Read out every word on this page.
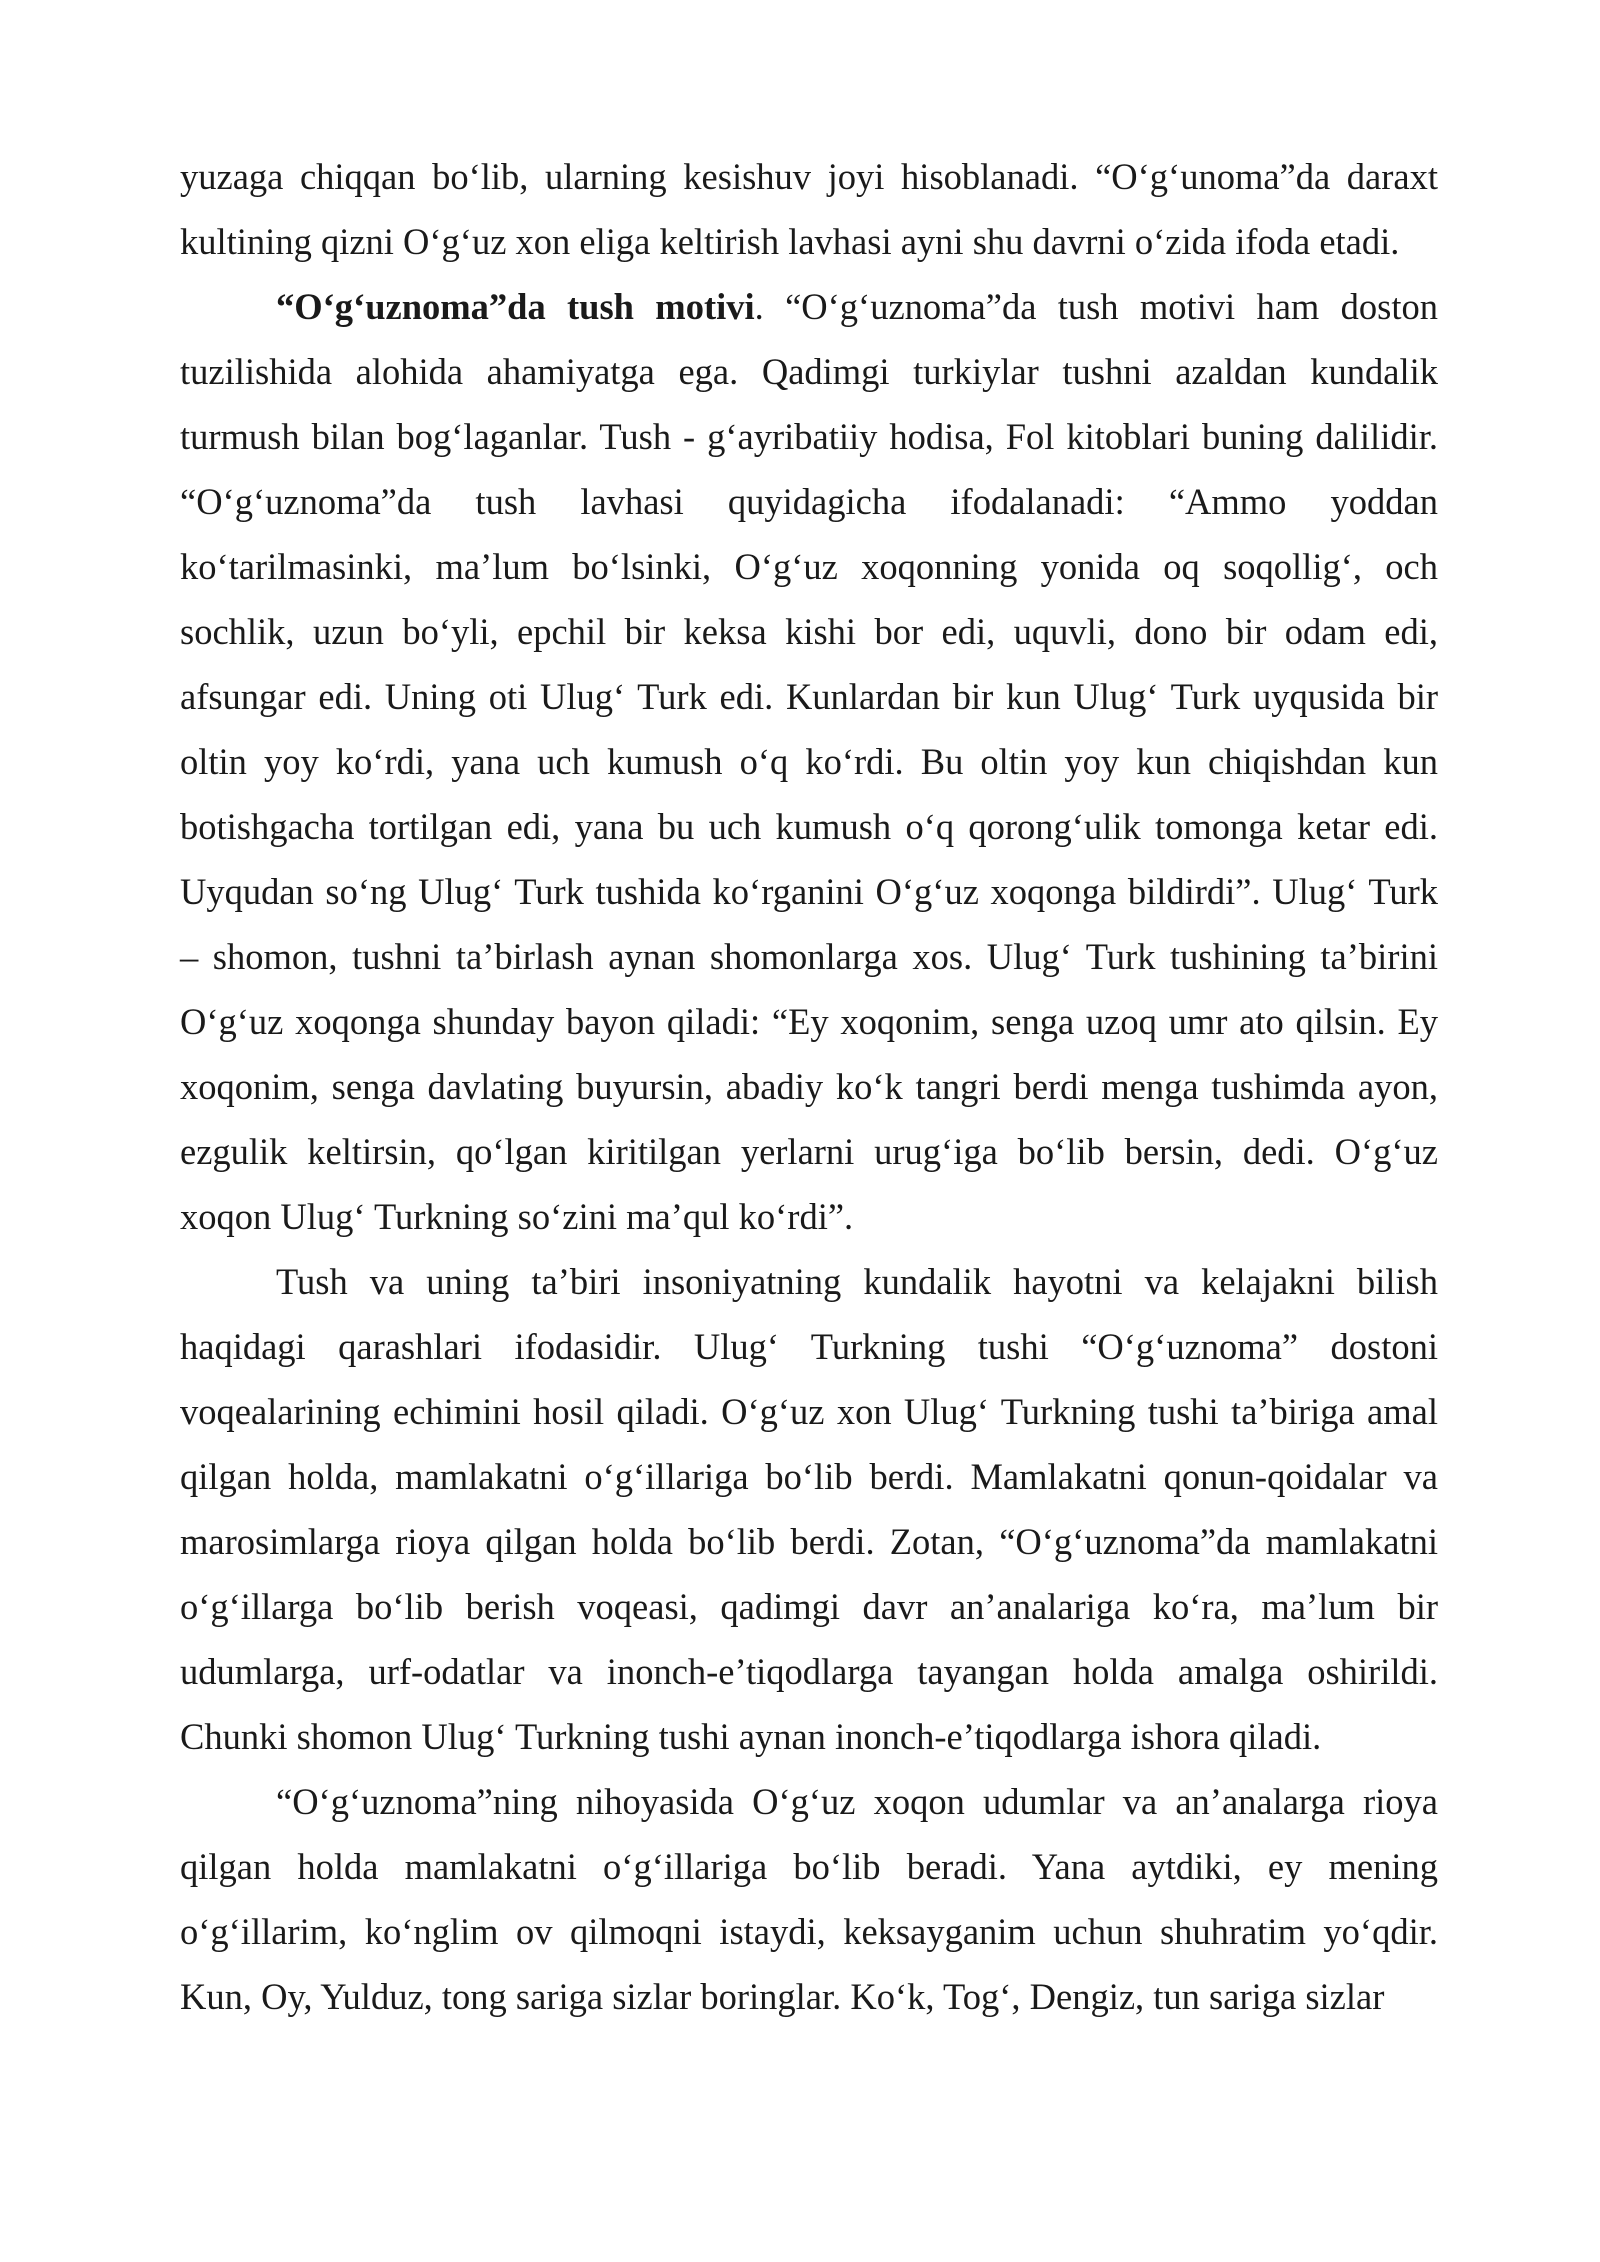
yuzaga chiqqan bo‘lib, ularning kesishuv joyi hisoblanadi. “O‘g‘unoma”da daraxt kultining qizni O‘g‘uz xon eliga keltirish lavhasi ayni shu davrni o‘zida ifoda etadi.

“O‘g‘uznoma”da tush motivi. “O‘g‘uznoma”da tush motivi ham doston tuzilishida alohida ahamiyatga ega. Qadimgi turkiylar tushni azaldan kundalik turmush bilan bog‘laganlar. Tush - g‘ayribatiiy hodisa, Fol kitoblari buning dalilidir. “O‘g‘uznoma”da tush lavhasi quyidagicha ifodalanadi: “Ammo yoddan ko‘tarilmasinki, ma’lum bo‘lsinki, O‘g‘uz xoqonning yonida oq soqollig‘, och sochlik, uzun bo‘yli, epchil bir keksa kishi bor edi, uquvli, dono bir odam edi, afsungar edi. Uning oti Ulug‘ Turk edi. Kunlardan bir kun Ulug‘ Turk uyqusida bir oltin yoy ko‘rdi, yana uch kumush o‘q ko‘rdi. Bu oltin yoy kun chiqishdan kun botishgacha tortilgan edi, yana bu uch kumush o‘q qorong‘ulik tomonga ketar edi. Uyqudan so‘ng Ulug‘ Turk tushida ko‘rganini O‘g‘uz xoqonga bildirdi”. Ulug‘ Turk – shomon, tushni ta’birlash aynan shomonlarga xos. Ulug‘ Turk tushining ta’birini O‘g‘uz xoqonga shunday bayon qiladi: “Ey xoqonim, senga uzoq umr ato qilsin. Ey xoqonim, senga davlating buyursin, abadiy ko‘k tangri berdi menga tushimda ayon, ezgulik keltirsin, qo‘lgan kiritilgan yerlarni urug‘iga bo‘lib bersin, dedi. O‘g‘uz xoqon Ulug‘ Turkning so‘zini ma’qul ko‘rdi”.

Tush va uning ta’biri insoniyatning kundalik hayotni va kelajakni bilish haqidagi qarashlari ifodasidir. Ulug‘ Turkning tushi “O‘g‘uznoma” dostoni voqealarining echimini hosil qiladi. O‘g‘uz xon Ulug‘ Turkning tushi ta’biriga amal qilgan holda, mamlakatni o‘g‘illariga bo‘lib berdi. Mamlakatni qonun-qoidalar va marosimlarga rioya qilgan holda bo‘lib berdi. Zotan, “O‘g‘uznoma”da mamlakatni o‘g‘illarga bo‘lib berish voqeasi, qadimgi davr an’analariga ko‘ra, ma’lum bir udumlarga, urf-odatlar va inonch-e’tiqodlarga tayangan holda amalga oshirildi. Chunki shomon Ulug‘ Turkning tushi aynan inonch-e’tiqodlarga ishora qiladi.

“O‘g‘uznoma”ning nihoyasida O‘g‘uz xoqon udumlar va an’analarga rioya qilgan holda mamlakatni o‘g‘illariga bo‘lib beradi. Yana aytdiki, ey mening o‘g‘illarim, ko‘nglim ov qilmoqni istaydi, keksayganim uchun shuhratim yo‘qdir. Kun, Oy, Yulduz, tong sariga sizlar boringlar. Ko‘k, Tog‘, Dengiz, tun sariga sizlar
